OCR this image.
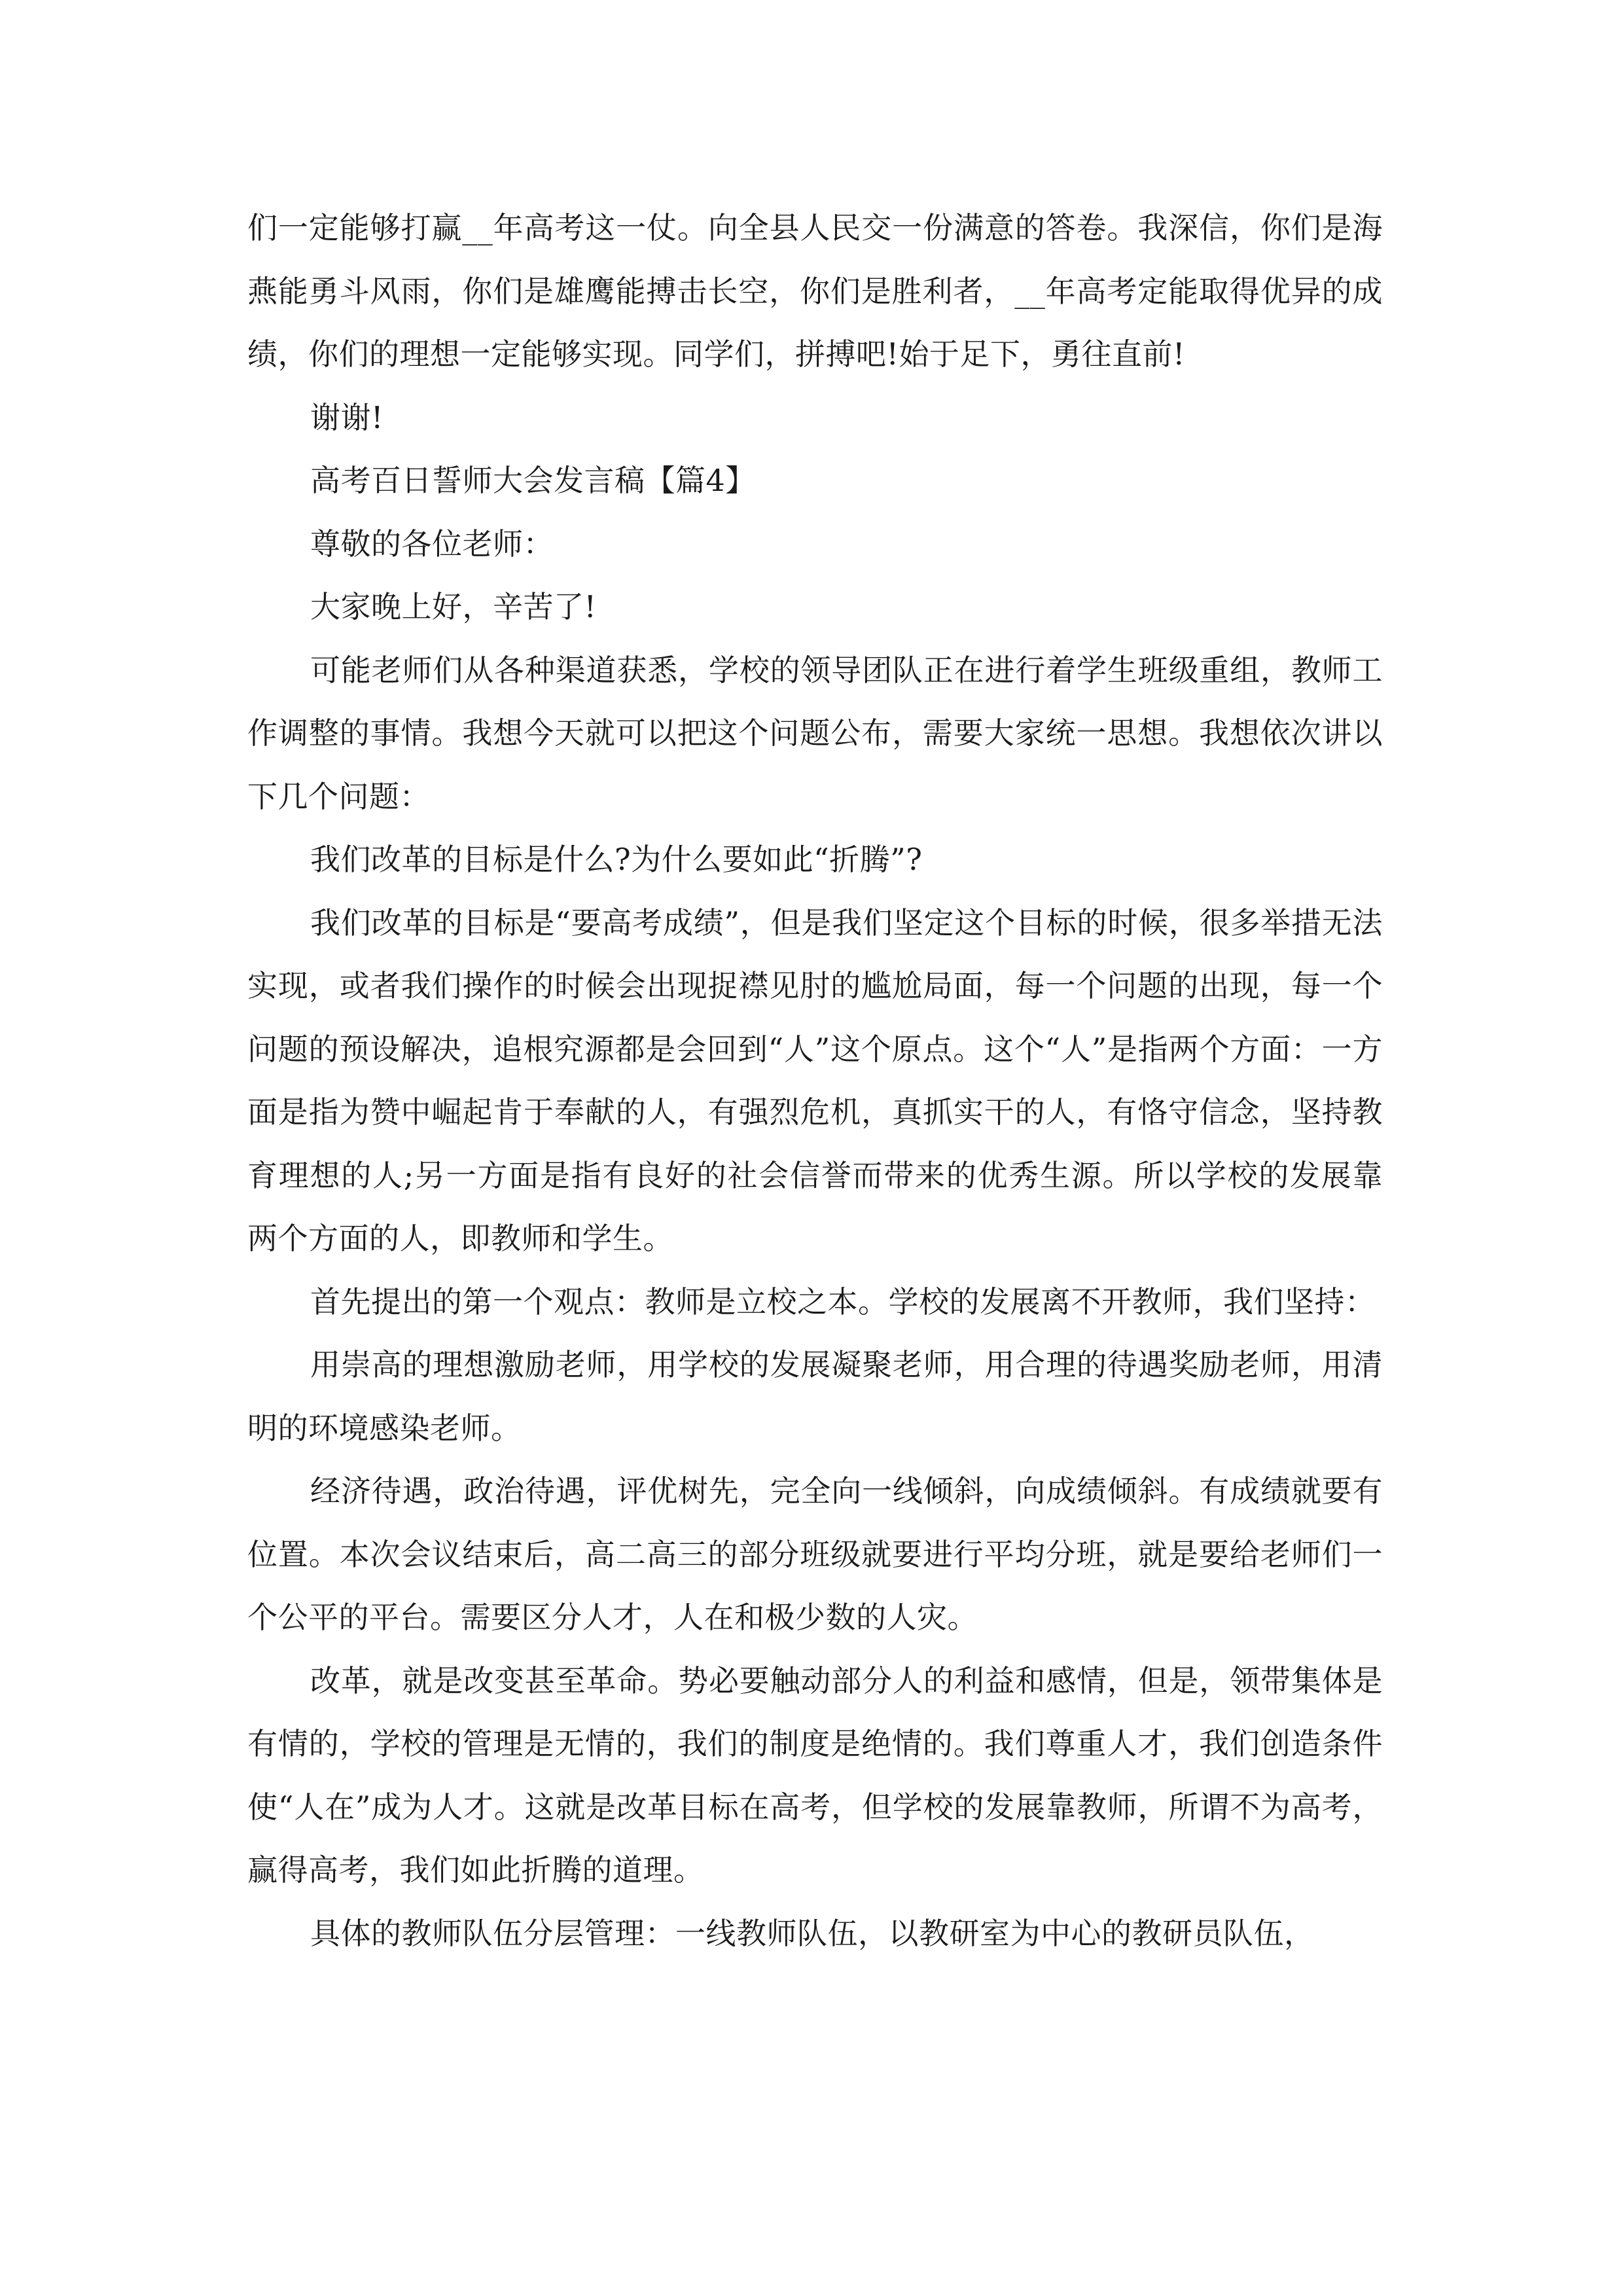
们一定能够打赢__年高考这一仗。向全县人民交一份满意的答卷。我深信，你们是海燕能勇斗风雨，你们是雄鹰能搏击长空，你们是胜利者，__年高考定能取得优异的成绩，你们的理想一定能够实现。同学们，拼搏吧!始于足下，勇往直前!

谢谢!

高考百日誓师大会发言稿【篇4】

尊敬的各位老师：

大家晚上好，辛苦了!

可能老师们从各种渠道获悉，学校的领导团队正在进行着学生班级重组，教师工作调整的事情。我想今天就可以把这个问题公布，需要大家统一思想。我想依次讲以下几个问题：

我们改革的目标是什么?为什么要如此“折腾”?

我们改革的目标是“要高考成绩”，但是我们坚定这个目标的时候，很多举措无法实现，或者我们操作的时候会出现捉襟见肘的尴尬局面，每一个问题的出现，每一个问题的预设解决，追根究源都是会回到“人”这个原点。这个“人”是指两个方面：一方面是指为赞中崛起肯于奉献的人，有强烈危机，真抓实干的人，有恪守信念，坚持教育理想的人;另一方面是指有良好的社会信誉而带来的优秀生源。所以学校的发展靠两个方面的人，即教师和学生。

首先提出的第一个观点：教师是立校之本。学校的发展离不开教师，我们坚持：

用崇高的理想激励老师，用学校的发展凝聚老师，用合理的待遇奖励老师，用清明的环境感染老师。

经济待遇，政治待遇，评优树先，完全向一线倾斜，向成绩倾斜。有成绩就要有位置。本次会议结束后，高二高三的部分班级就要进行平均分班，就是要给老师们一个公平的平台。需要区分人才，人在和极少数的人灾。

改革，就是改变甚至革命。势必要触动部分人的利益和感情，但是，领带集体是有情的，学校的管理是无情的，我们的制度是绝情的。我们尊重人才，我们创造条件使“人在”成为人才。这就是改革目标在高考，但学校的发展靠教师，所谓不为高考，赢得高考，我们如此折腾的道理。

具体的教师队伍分层管理：一线教师队伍，以教研室为中心的教研员队伍，
